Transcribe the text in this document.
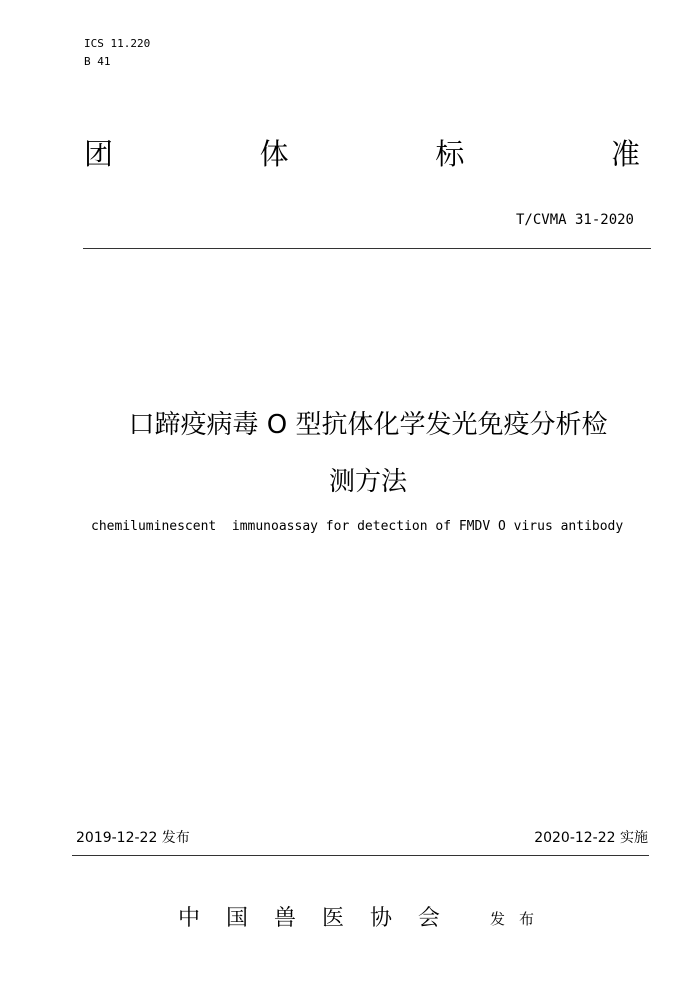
ICS 11.220
B 41
团	体	标	准
T/CVMA 31-2020
口蹄疫病毒 O 型抗体化学发光免疫分析检
测方法
chemiluminescent  immunoassay for detection of FMDV O virus antibody
2019-12-22 发布	2020-12-22 实施
中 国 兽 医 协 会	发 布
